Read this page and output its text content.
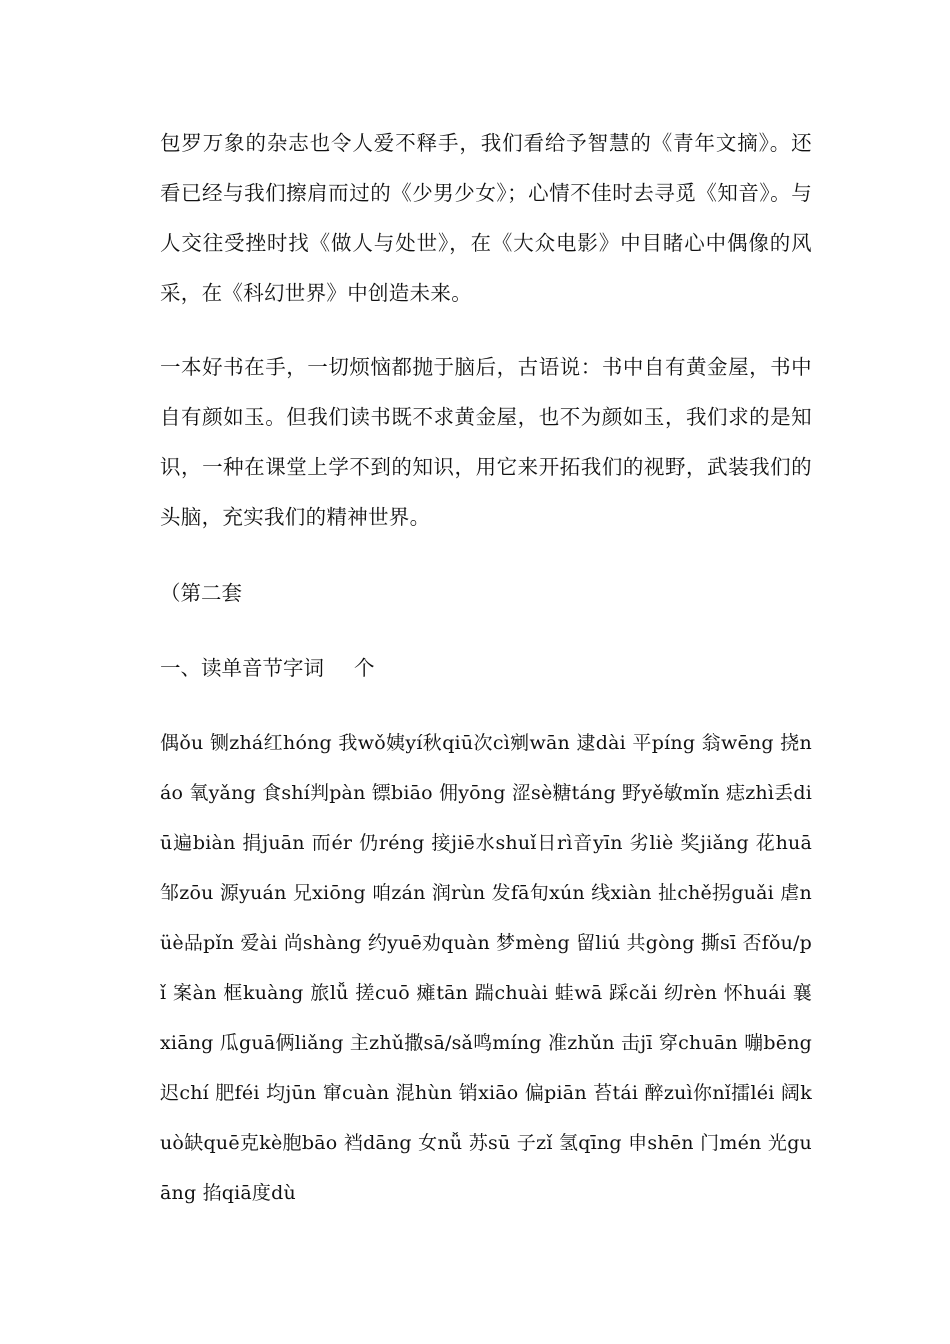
包罗万象的杂志也令人爱不释手，我们看给予智慧的《青年文摘》。还看已经与我们擦肩而过的《少男少女》；心情不佳时去寻觅《知音》。与人交往受挫时找《做人与处世》，在《大众电影》中目睹心中偶像的风采，在《科幻世界》中创造未来。

一本好书在手，一切烦恼都抛于脑后，古语说：书中自有黄金屋，书中自有颜如玉。但我们读书既不求黄金屋，也不为颜如玉，我们求的是知识，一种在课堂上学不到的知识，用它来开拓我们的视野，武装我们的头脑，充实我们的精神世界。

（第二套

一、读单音节字词 个

偶ǒu 铡zhá红hóng 我wǒ姨yí秋qiū次cì剜wān 逮dài 平píng 翁wēng 挠náo 氧yǎng 食shí判pàn 镖biāo 佣yōng 涩sè糖táng 野yě敏mǐn 痣zhì丢diū遍biàn 捐juān 而ér 仍réng 接jiē水shuǐ日rì音yīn 劣liè 奖jiǎng 花huā邹zōu 源yuán 兄xiōng 咱zán 润rùn 发fā旬xún 线xiàn 扯chě拐guǎi 虐nüè品pǐn 爱ài 尚shàng 约yuē劝quàn 梦mèng 留liú 共gòng 撕sī 否fǒu/pǐ 案àn 框kuàng 旅lǚ 搓cuō 瘫tān 踹chuài 蛙wā 踩cǎi 纫rèn 怀huái 襄xiāng 瓜guā俩liǎng 主zhǔ撒sā/sǎ鸣míng 准zhǔn 击jī 穿chuān 嘣bēng 迟chí 肥féi 均jūn 窜cuàn 混hùn 销xiāo 偏piān 苔tái 醉zuì你nǐ擂léi 阔kuò缺quē克kè胞bāo 裆dāng 女nǚ 苏sū 子zǐ 氢qīng 申shēn 门mén 光guāng 掐qiā度dù
